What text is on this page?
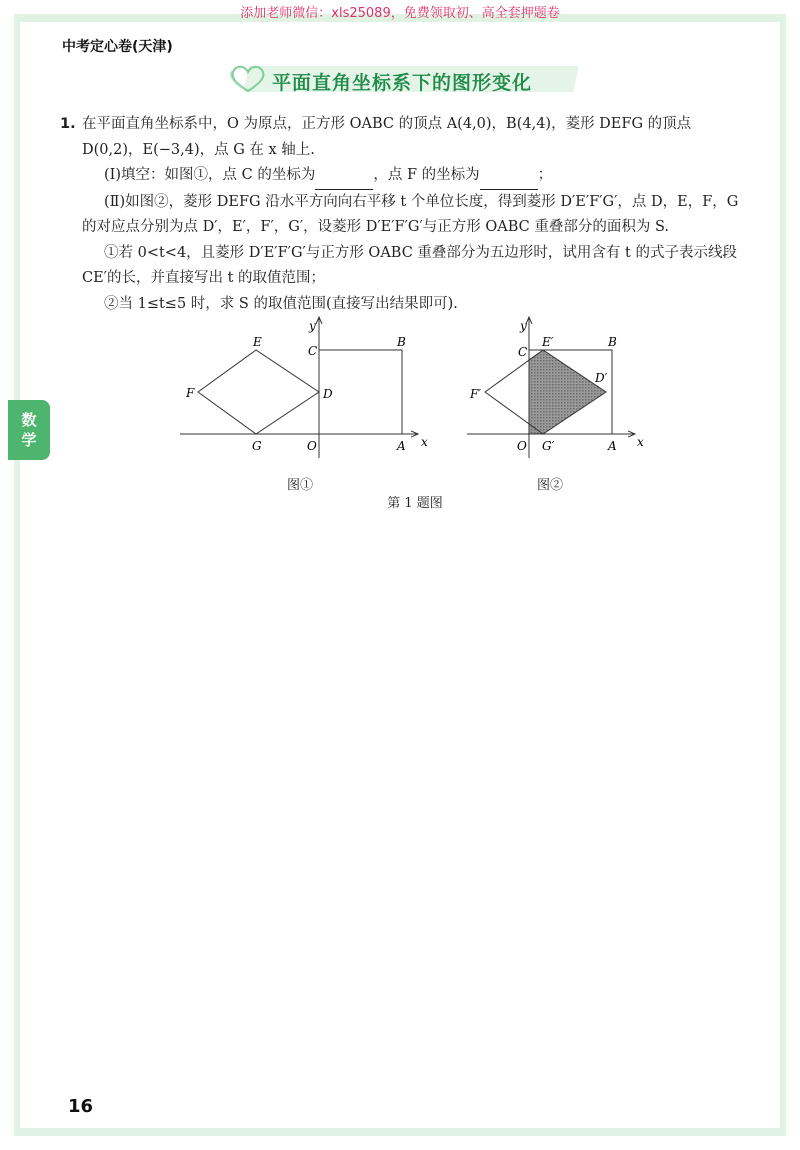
添加老师微信：xls25089，免费领取初、高全套押题卷
中考定心卷(天津)
平面直角坐标系下的图形变化
数
学
1. 在平面直角坐标系中，O 为原点，正方形 OABC 的顶点 A(4,0)，B(4,4)，菱形 DEFG 的顶点
D(0,2)，E(−3,4)，点 G 在 x 轴上.
(Ⅰ)填空：如图①，点 C 的坐标为	，点 F 的坐标为	；
(Ⅱ)如图②，菱形 DEFG 沿水平方向向右平移 t 个单位长度，得到菱形 D′E′F′G′，点 D，E，F，G
的对应点分别为点 D′，E′，F′，G′，设菱形 D′E′F′G′与正方形 OABC 重叠部分的面积为 S.
①若 0<t<4，且菱形 D′E′F′G′与正方形 OABC 重叠部分为五边形时，试用含有 t 的式子表示线段
CE′的长，并直接写出 t 的取值范围；
②当 1≤t≤5 时，求 S 的取值范围(直接写出结果即可).
y
x
E
C
B
F	D
G	O	A
y
x
E′
C
B
F′
D′
G′
O	A
图①	图②
第 1 题图
16
